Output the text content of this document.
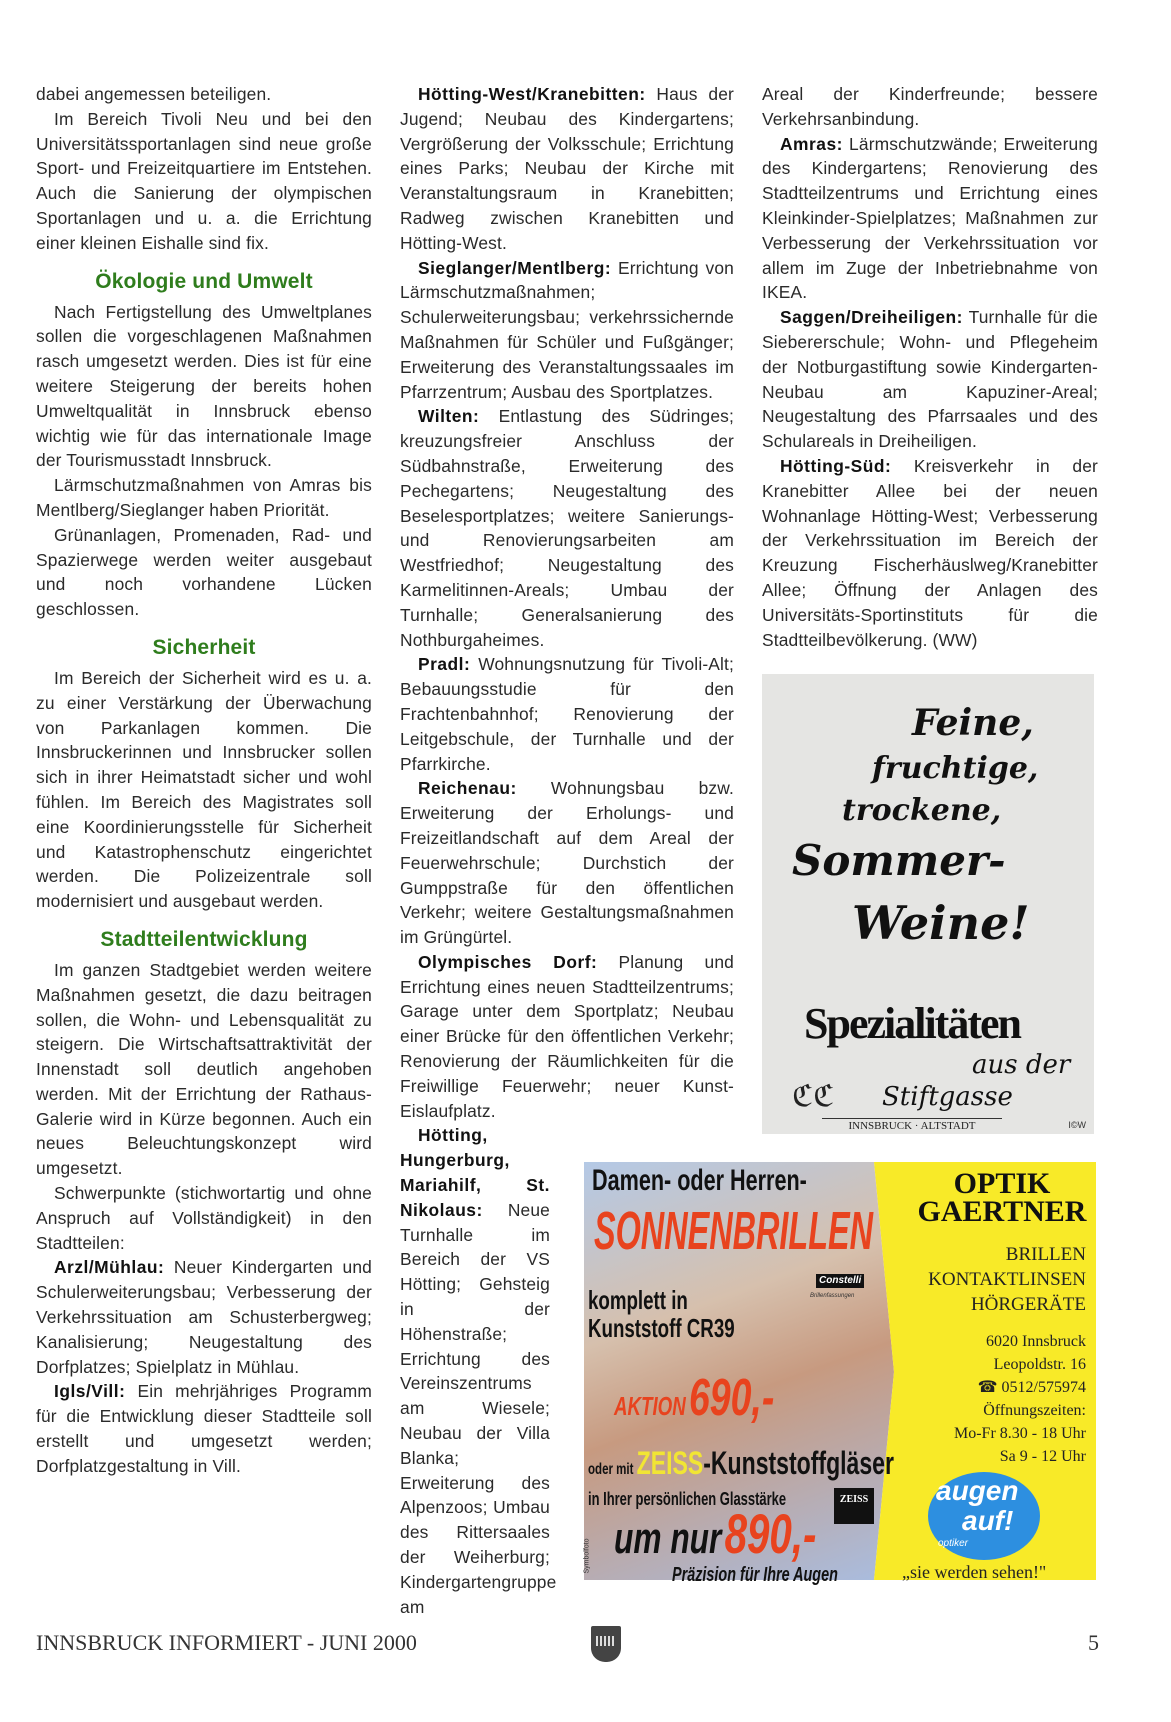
dabei angemessen beteiligen.

Im Bereich Tivoli Neu und bei den Universitätssportanlagen sind neue große Sport- und Freizeitquartiere im Entstehen. Auch die Sanierung der olympischen Sportanlagen und u. a. die Errichtung einer kleinen Eishalle sind fix.

Ökologie und Umwelt

Nach Fertigstellung des Umweltplanes sollen die vorgeschlagenen Maßnahmen rasch umgesetzt werden. Dies ist für eine weitere Steigerung der bereits hohen Umweltqualität in Innsbruck ebenso wichtig wie für das internationale Image der Tourismusstadt Innsbruck.

Lärmschutzmaßnahmen von Amras bis Mentlberg/Sieglanger haben Priorität.

Grünanlagen, Promenaden, Rad- und Spazierwege werden weiter ausgebaut und noch vorhandene Lücken geschlossen.

Sicherheit

Im Bereich der Sicherheit wird es u. a. zu einer Verstärkung der Überwachung von Parkanlagen kommen. Die Innsbruckerinnen und Innsbrucker sollen sich in ihrer Heimatstadt sicher und wohl fühlen. Im Bereich des Magistrates soll eine Koordinierungsstelle für Sicherheit und Katastrophenschutz eingerichtet werden. Die Polizeizentrale soll modernisiert und ausgebaut werden.

Stadtteilentwicklung

Im ganzen Stadtgebiet werden weitere Maßnahmen gesetzt, die dazu beitragen sollen, die Wohn- und Lebensqualität zu steigern. Die Wirtschaftsattraktivität der Innenstadt soll deutlich angehoben werden. Mit der Errichtung der Rathaus-Galerie wird in Kürze begonnen. Auch ein neues Beleuchtungskonzept wird umgesetzt.

Schwerpunkte (stichwortartig und ohne Anspruch auf Vollständigkeit) in den Stadtteilen:

Arzl/Mühlau: Neuer Kindergarten und Schulerweiterungsbau; Verbesserung der Verkehrssituation am Schusterbergweg; Kanalisierung; Neugestaltung des Dorfplatzes; Spielplatz in Mühlau.

Igls/Vill: Ein mehrjähriges Programm für die Entwicklung dieser Stadtteile soll erstellt und umgesetzt werden; Dorfplatzgestaltung in Vill.

Hötting-West/Kranebitten: Haus der Jugend; Neubau des Kindergartens; Vergrößerung der Volksschule; Errichtung eines Parks; Neubau der Kirche mit Veranstaltungsraum in Kranebitten; Radweg zwischen Kranebitten und Hötting-West.

Sieglanger/Mentlberg: Errichtung von Lärmschutzmaßnahmen; Schulerweiterungsbau; verkehrssichernde Maßnahmen für Schüler und Fußgänger; Erweiterung des Veranstaltungssaales im Pfarrzentrum; Ausbau des Sportplatzes.

Wilten: Entlastung des Südringes; kreuzungsfreier Anschluss der Südbahnstraße, Erweiterung des Pechegartens; Neugestaltung des Beselesportplatzes; weitere Sanierungs- und Renovierungsarbeiten am Westfriedhof; Neugestaltung des Karmelitinnen-Areals; Umbau der Turnhalle; Generalsanierung des Nothburgaheimes.

Pradl: Wohnungsnutzung für Tivoli-Alt; Bebauungsstudie für den Frachtenbahnhof; Renovierung der Leitgebschule, der Turnhalle und der Pfarrkirche.

Reichenau: Wohnungsbau bzw. Erweiterung der Erholungs- und Freizeitlandschaft auf dem Areal der Feuerwehrschule; Durchstich der Gumppstraße für den öffentlichen Verkehr; weitere Gestaltungsmaßnahmen im Grüngürtel.

Olympisches Dorf: Planung und Errichtung eines neuen Stadtteilzentrums; Garage unter dem Sportplatz; Neubau einer Brücke für den öffentlichen Verkehr; Renovierung der Räumlichkeiten für die Freiwillige Feuerwehr; neuer Kunst-Eislaufplatz.

Hötting, Hungerburg, Mariahilf, St. Nikolaus: Neue Turnhalle im Bereich der VS Hötting; Gehsteig in der Höhenstraße; Errichtung des Vereinszentrums am Wiesele; Neubau der Villa Blanka; Erweiterung des Alpenzoos; Umbau des Rittersaales der Weiherburg; Kindergartengruppe am

Areal der Kinderfreunde; bessere Verkehrsanbindung.

Amras: Lärmschutzwände; Erweiterung des Kindergartens; Renovierung des Stadtteilzentrums und Errichtung eines Kleinkinder-Spielplatzes; Maßnahmen zur Verbesserung der Verkehrssituation vor allem im Zuge der Inbetriebnahme von IKEA.

Saggen/Dreiheiligen: Turnhalle für die Siebererschule; Wohn- und Pflegeheim der Notburgastiftung sowie Kindergarten-Neubau am Kapuziner-Areal; Neugestaltung des Pfarrsaales und des Schulareals in Dreiheiligen.

Hötting-Süd: Kreisverkehr in der Kranebitter Allee bei der neuen Wohnanlage Hötting-West; Verbesserung der Verkehrssituation im Bereich der Kreuzung Fischerhäuslweg/Kranebitter Allee; Öffnung der Anlagen des Universitäts-Sportinstituts für die Stadtteilbevölkerung. (WW)

Feine,
fruchtige,
trockene,
Sommer-
Weine!
Spezialitäten
aus der
ℭℭ Stiftgasse
INNSBRUCK · ALTSTADT	I©W
Damen- oder Herren-
SONNENBRILLEN
Constelli
Brillenfassungen
komplett in
Kunststoff CR39
AKTION 690,-
oder mit ZEISS-Kunststoffgläser
in Ihrer persönlichen Glasstärke	ZEISS
um nur 890,-
Präzision für Ihre Augen
Symbolfoto
OPTIK
GAERTNER
BRILLEN
KONTAKTLINSEN
HÖRGERÄTE
6020 Innsbruck
Leopoldstr. 16
☎ 0512/575974
Öffnungszeiten:
Mo-Fr 8.30 - 18 Uhr
Sa 9 - 12 Uhr
augen
auf!
optiker
„sie werden sehen!"
INNSBRUCK INFORMIERT - JUNI 2000	5
